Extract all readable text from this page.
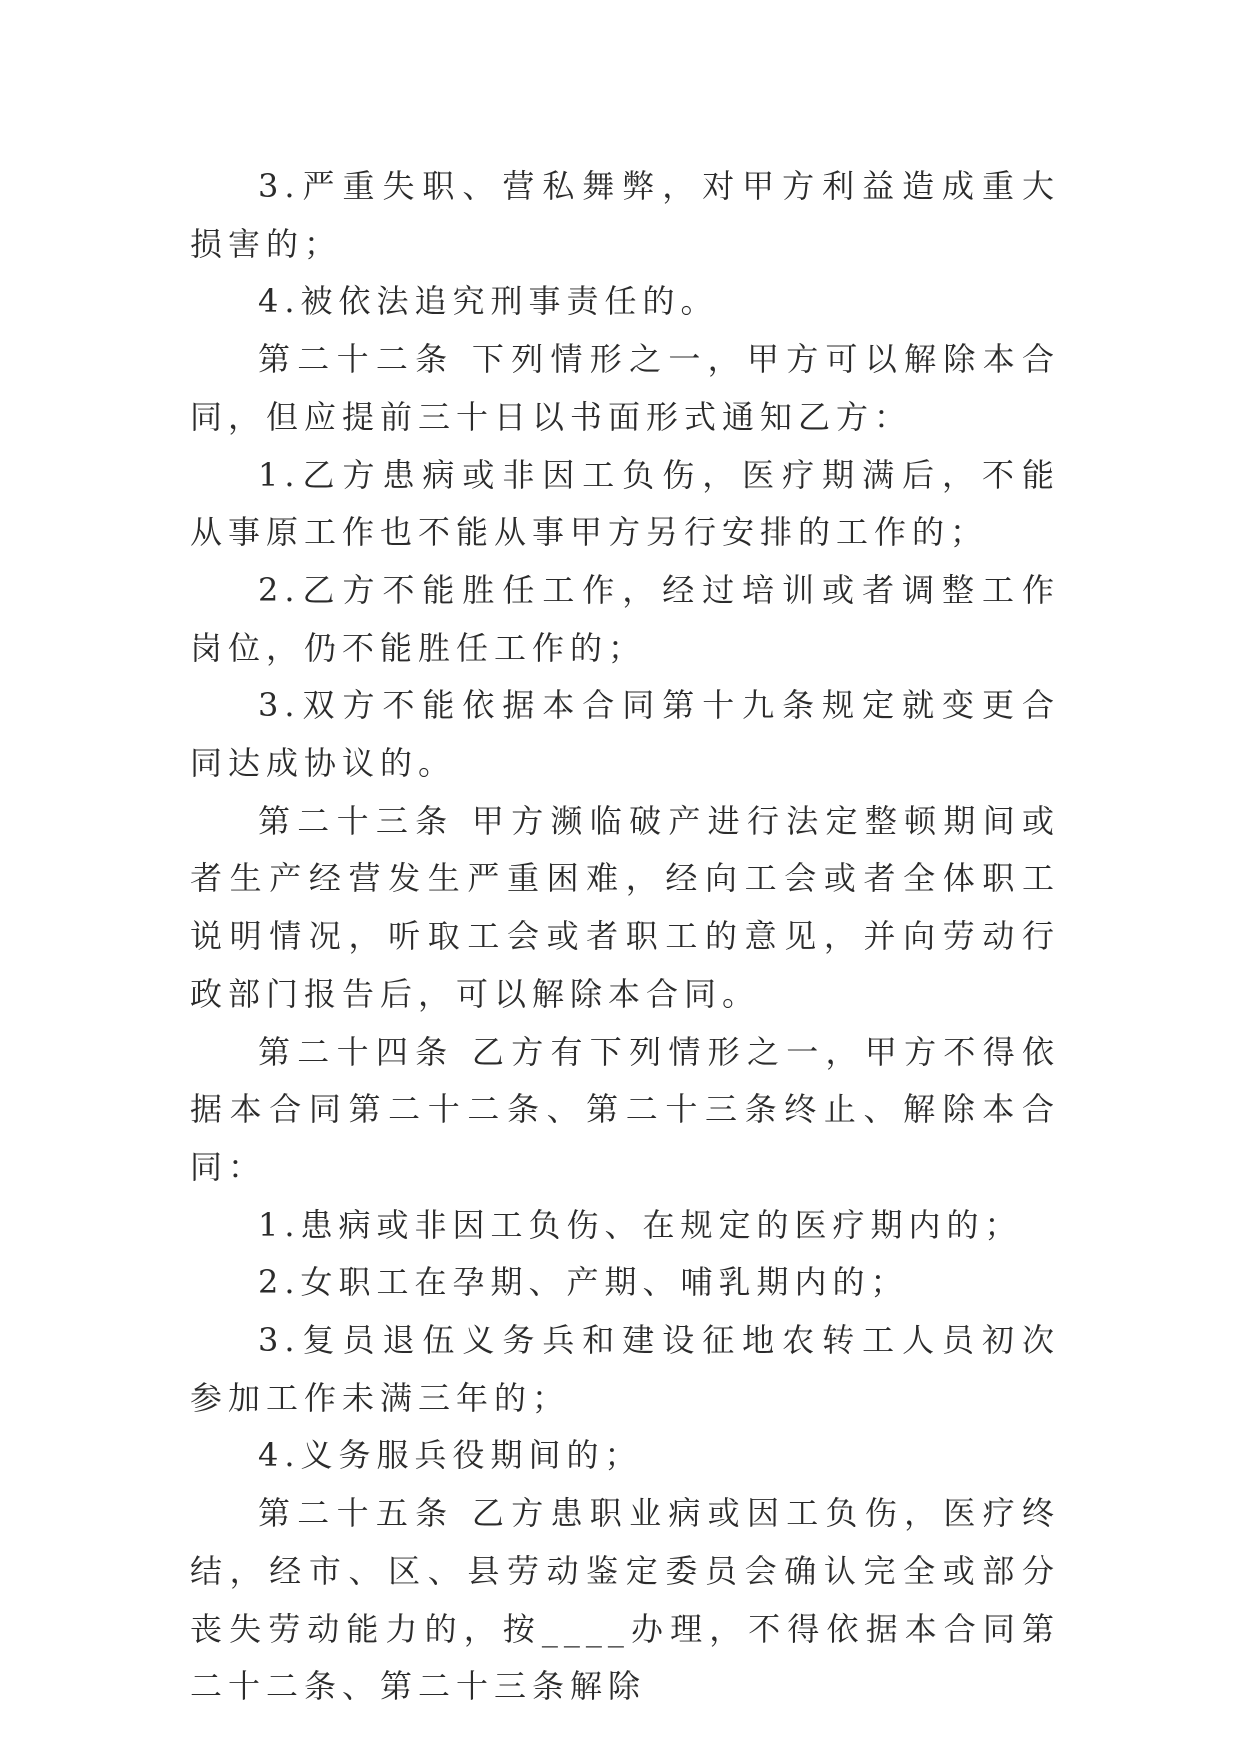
3.严重失职、营私舞弊，对甲方利益造成重大损害的；

4.被依法追究刑事责任的。

第二十二条 下列情形之一，甲方可以解除本合同，但应提前三十日以书面形式通知乙方：

1.乙方患病或非因工负伤，医疗期满后，不能从事原工作也不能从事甲方另行安排的工作的；

2.乙方不能胜任工作，经过培训或者调整工作岗位，仍不能胜任工作的；

3.双方不能依据本合同第十九条规定就变更合同达成协议的。

第二十三条 甲方濒临破产进行法定整顿期间或者生产经营发生严重困难，经向工会或者全体职工说明情况，听取工会或者职工的意见，并向劳动行政部门报告后，可以解除本合同。

第二十四条 乙方有下列情形之一，甲方不得依据本合同第二十二条、第二十三条终止、解除本合同：

1.患病或非因工负伤、在规定的医疗期内的；

2.女职工在孕期、产期、哺乳期内的；

3.复员退伍义务兵和建设征地农转工人员初次参加工作未满三年的；

4.义务服兵役期间的；

第二十五条 乙方患职业病或因工负伤，医疗终结，经市、区、县劳动鉴定委员会确认完全或部分丧失劳动能力的，按____办理，不得依据本合同第二十二条、第二十三条解除
